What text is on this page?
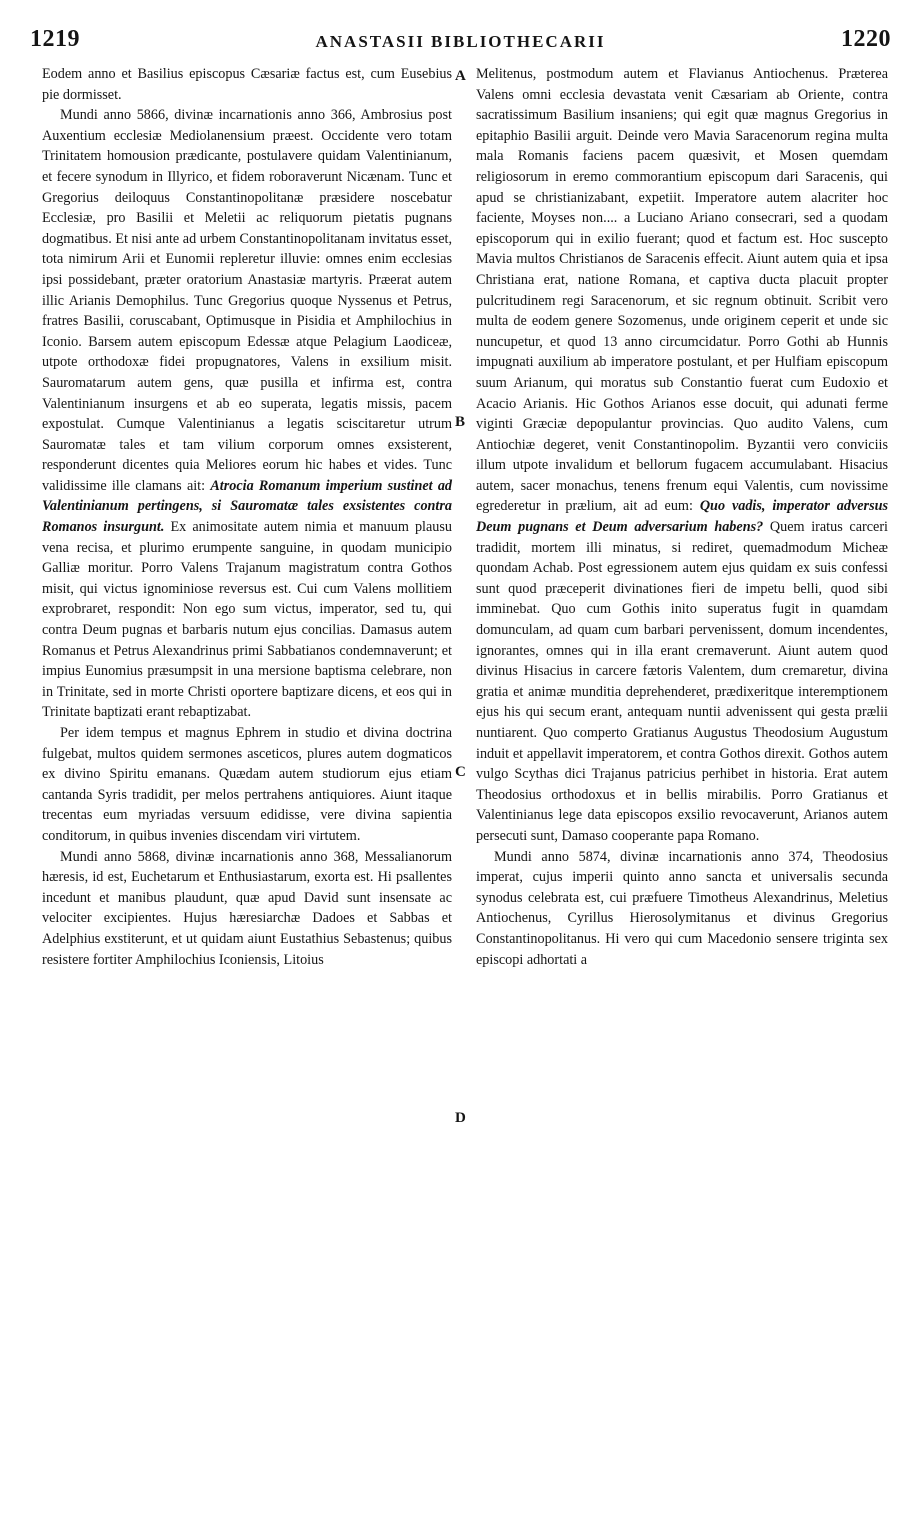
1219	ANASTASII BIBLIOTHECARII	1220
A
B
C
D

Eodem anno et Basilius episcopus Cæsariæ factus est, cum Eusebius pie dormisset.

Mundi anno 5866, divinæ incarnationis anno 366, Ambrosius post Auxentium ecclesiæ Mediolanensium præest. Occidente vero totam Trinitatem homousion prædicante, postulavere quidam Valentinianum, et fecere synodum in Illyrico, et fidem roboraverunt Nicænam. Tunc et Gregorius deiloquus Constantinopolitanæ præsidere noscebatur Ecclesiæ, pro Basilii et Meletii ac reliquorum pietatis pugnans dogmatibus. Et nisi ante ad urbem Constantinopolitanam invitatus esset, tota nimirum Arii et Eunomii repleretur illuvie: omnes enim ecclesias ipsi possidebant, præter oratorium Anastasiæ martyris. Præerat autem illic Arianis Demophilus. Tunc Gregorius quoque Nyssenus et Petrus, fratres Basilii, coruscabant, Optimusque in Pisidia et Amphilochius in Iconio. Barsem autem episcopum Edessæ atque Pelagium Laodiceæ, utpote orthodoxæ fidei propugnatores, Valens in exsilium misit. Sauromatarum autem gens, quæ pusilla et infirma est, contra Valentinianum insurgens et ab eo superata, legatis missis, pacem expostulat. Cumque Valentinianus a legatis sciscitaretur utrum Sauromatæ tales et tam vilium corporum omnes exsisterent, responderunt dicentes quia Meliores eorum hic habes et vides. Tunc validissime ille clamans ait: Atrocia Romanum imperium sustinet ad Valentinianum pertingens, si Sauromatæ tales exsistentes contra Romanos insurgunt. Ex animositate autem nimia et manuum plausu vena recisa, et plurimo erumpente sanguine, in quodam municipio Galliæ moritur. Porro Valens Trajanum magistratum contra Gothos misit, qui victus ignominiose reversus est. Cui cum Valens mollitiem exprobraret, respondit: Non ego sum victus, imperator, sed tu, qui contra Deum pugnas et barbaris nutum ejus concilias. Damasus autem Romanus et Petrus Alexandrinus primi Sabbatianos condemnaverunt; et impius Eunomius præsumpsit in una mersione baptisma celebrare, non in Trinitate, sed in morte Christi oportere baptizare dicens, et eos qui in Trinitate baptizati erant rebaptizabat.

Per idem tempus et magnus Ephrem in studio et divina doctrina fulgebat, multos quidem sermones asceticos, plures autem dogmaticos ex divino Spiritu emanans. Quædam autem studiorum ejus etiam cantanda Syris tradidit, per melos pertrahens antiquiores. Aiunt itaque trecentas eum myriadas versuum edidisse, vere divina sapientia conditorum, in quibus invenies discendam viri virtutem.

Mundi anno 5868, divinæ incarnationis anno 368, Messalianorum hæresis, id est, Euchetarum et Enthusiastarum, exorta est. Hi psallentes incedunt et manibus plaudunt, quæ apud David sunt insensate ac velociter excipientes. Hujus hæresiarchæ Dadoes et Sabbas et Adelphius exstiterunt, et ut quidam aiunt Eustathius Sebastenus; quibus resistere fortiter Amphilochius Iconiensis, Litoius

Melitenus, postmodum autem et Flavianus Antiochenus. Præterea Valens omni ecclesia devastata venit Cæsariam ab Oriente, contra sacratissimum Basilium insaniens; qui egit quæ magnus Gregorius in epitaphio Basilii arguit. Deinde vero Mavia Saracenorum regina multa mala Romanis faciens pacem quæsivit, et Mosen quemdam religiosorum in eremo commorantium episcopum dari Saracenis, qui apud se christianizabant, expetiit. Imperatore autem alacriter hoc faciente, Moyses non.... a Luciano Ariano consecrari, sed a quodam episcoporum qui in exilio fuerant; quod et factum est. Hoc suscepto Mavia multos Christianos de Saracenis effecit. Aiunt autem quia et ipsa Christiana erat, natione Romana, et captiva ducta placuit propter pulcritudinem regi Saracenorum, et sic regnum obtinuit. Scribit vero multa de eodem genere Sozomenus, unde originem ceperit et unde sic nuncupetur, et quod 13 anno circumcidatur. Porro Gothi ab Hunnis impugnati auxilium ab imperatore postulant, et per Hulfiam episcopum suum Arianum, qui moratus sub Constantio fuerat cum Eudoxio et Acacio Arianis. Hic Gothos Arianos esse docuit, qui adunati ferme viginti Græciæ depopulantur provincias. Quo audito Valens, cum Antiochiæ degeret, venit Constantinopolim. Byzantii vero conviciis illum utpote invalidum et bellorum fugacem accumulabant. Hisacius autem, sacer monachus, tenens frenum equi Valentis, cum novissime egrederetur in prælium, ait ad eum: Quo vadis, imperator adversus Deum pugnans et Deum adversarium habens? Quem iratus carceri tradidit, mortem illi minatus, si rediret, quemadmodum Micheæ quondam Achab. Post egressionem autem ejus quidam ex suis confessi sunt quod præceperit divinationes fieri de impetu belli, quod sibi imminebat. Quo cum Gothis inito superatus fugit in quamdam domunculam, ad quam cum barbari pervenissent, domum incendentes, ignorantes, omnes qui in illa erant cremaverunt. Aiunt autem quod divinus Hisacius in carcere fætoris Valentem, dum cremaretur, divina gratia et animæ munditia deprehenderet, prædixeritque interemptionem ejus his qui secum erant, antequam nuntii advenissent qui gesta prælii nuntiarent. Quo comperto Gratianus Augustus Theodosium Augustum induit et appellavit imperatorem, et contra Gothos direxit. Gothos autem vulgo Scythas dici Trajanus patricius perhibet in historia. Erat autem Theodosius orthodoxus et in bellis mirabilis. Porro Gratianus et Valentinianus lege data episcopos exsilio revocaverunt, Arianos autem persecuti sunt, Damaso cooperante papa Romano.

Mundi anno 5874, divinæ incarnationis anno 374, Theodosius imperat, cujus imperii quinto anno sancta et universalis secunda synodus celebrata est, cui præfuere Timotheus Alexandrinus, Meletius Antiochenus, Cyrillus Hierosolymitanus et divinus Gregorius Constantinopolitanus. Hi vero qui cum Macedonio sensere triginta sex episcopi adhortati a
